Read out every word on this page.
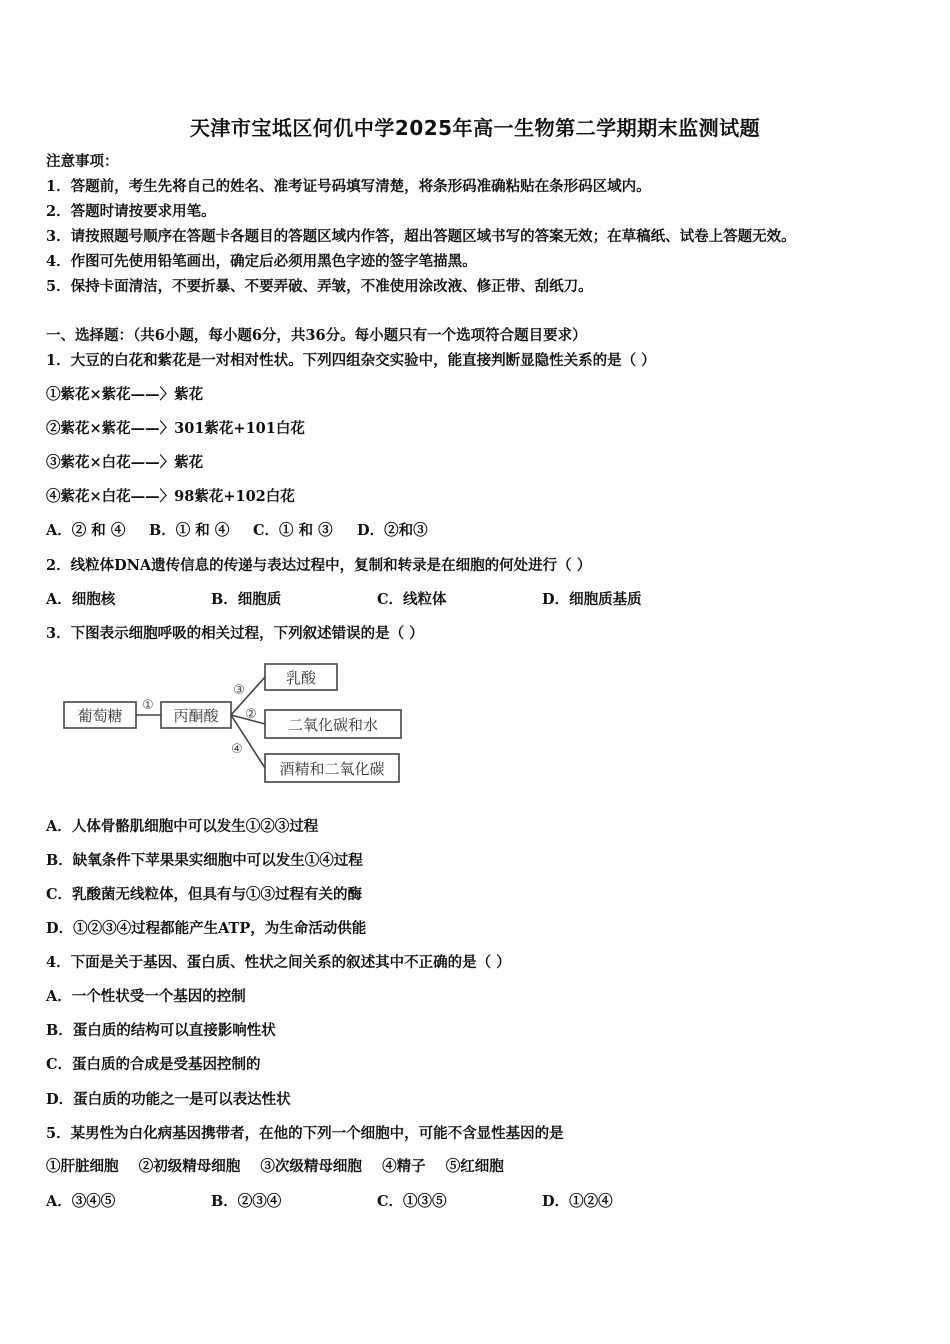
天津市宝坻区何仉中学2025年高一生物第二学期期末监测试题
注意事项：
1．答题前，考生先将自己的姓名、准考证号码填写清楚，将条形码准确粘贴在条形码区域内。
2．答题时请按要求用笔。
3．请按照题号顺序在答题卡各题目的答题区域内作答，超出答题区域书写的答案无效；在草稿纸、试卷上答题无效。
4．作图可先使用铅笔画出，确定后必须用黑色字迹的签字笔描黑。
5．保持卡面清洁，不要折暴、不要弄破、弄皱，不准使用涂改液、修正带、刮纸刀。
一、选择题：（共6小题，每小题6分，共36分。每小题只有一个选项符合题目要求）
1．大豆的白花和紫花是一对相对性状。下列四组杂交实验中，能直接判断显隐性关系的是（ ）
①紫花×紫花——〉紫花
②紫花×紫花——〉301紫花+101白花
③紫花×白花——〉紫花
④紫花×白花——〉98紫花+102白花
A．② 和 ④ B．① 和 ④ C．① 和 ③ D．②和③
2．线粒体DNA遗传信息的传递与表达过程中，复制和转录是在细胞的何处进行（ ）
A．细胞核	B．细胞质	C．线粒体	D．细胞质基质
3．下图表示细胞呼吸的相关过程，下列叙述错误的是（ ）
葡萄糖	丙酮酸
乳酸
二氧化碳和水
酒精和二氧化碳
①
③
②
④
A．人体骨骼肌细胞中可以发生①②③过程
B．缺氧条件下苹果果实细胞中可以发生①④过程
C．乳酸菌无线粒体，但具有与①③过程有关的酶
D．①②③④过程都能产生ATP，为生命活动供能
4．下面是关于基因、蛋白质、性状之间关系的叙述其中不正确的是（ ）
A．一个性状受一个基因的控制
B．蛋白质的结构可以直接影响性状
C．蛋白质的合成是受基因控制的
D．蛋白质的功能之一是可以表达性状
5．某男性为白化病基因携带者，在他的下列一个细胞中，可能不含显性基因的是
①肝脏细胞    ②初级精母细胞    ③次级精母细胞    ④精子    ⑤红细胞
A．③④⑤	B．②③④	C．①③⑤	D．①②④
